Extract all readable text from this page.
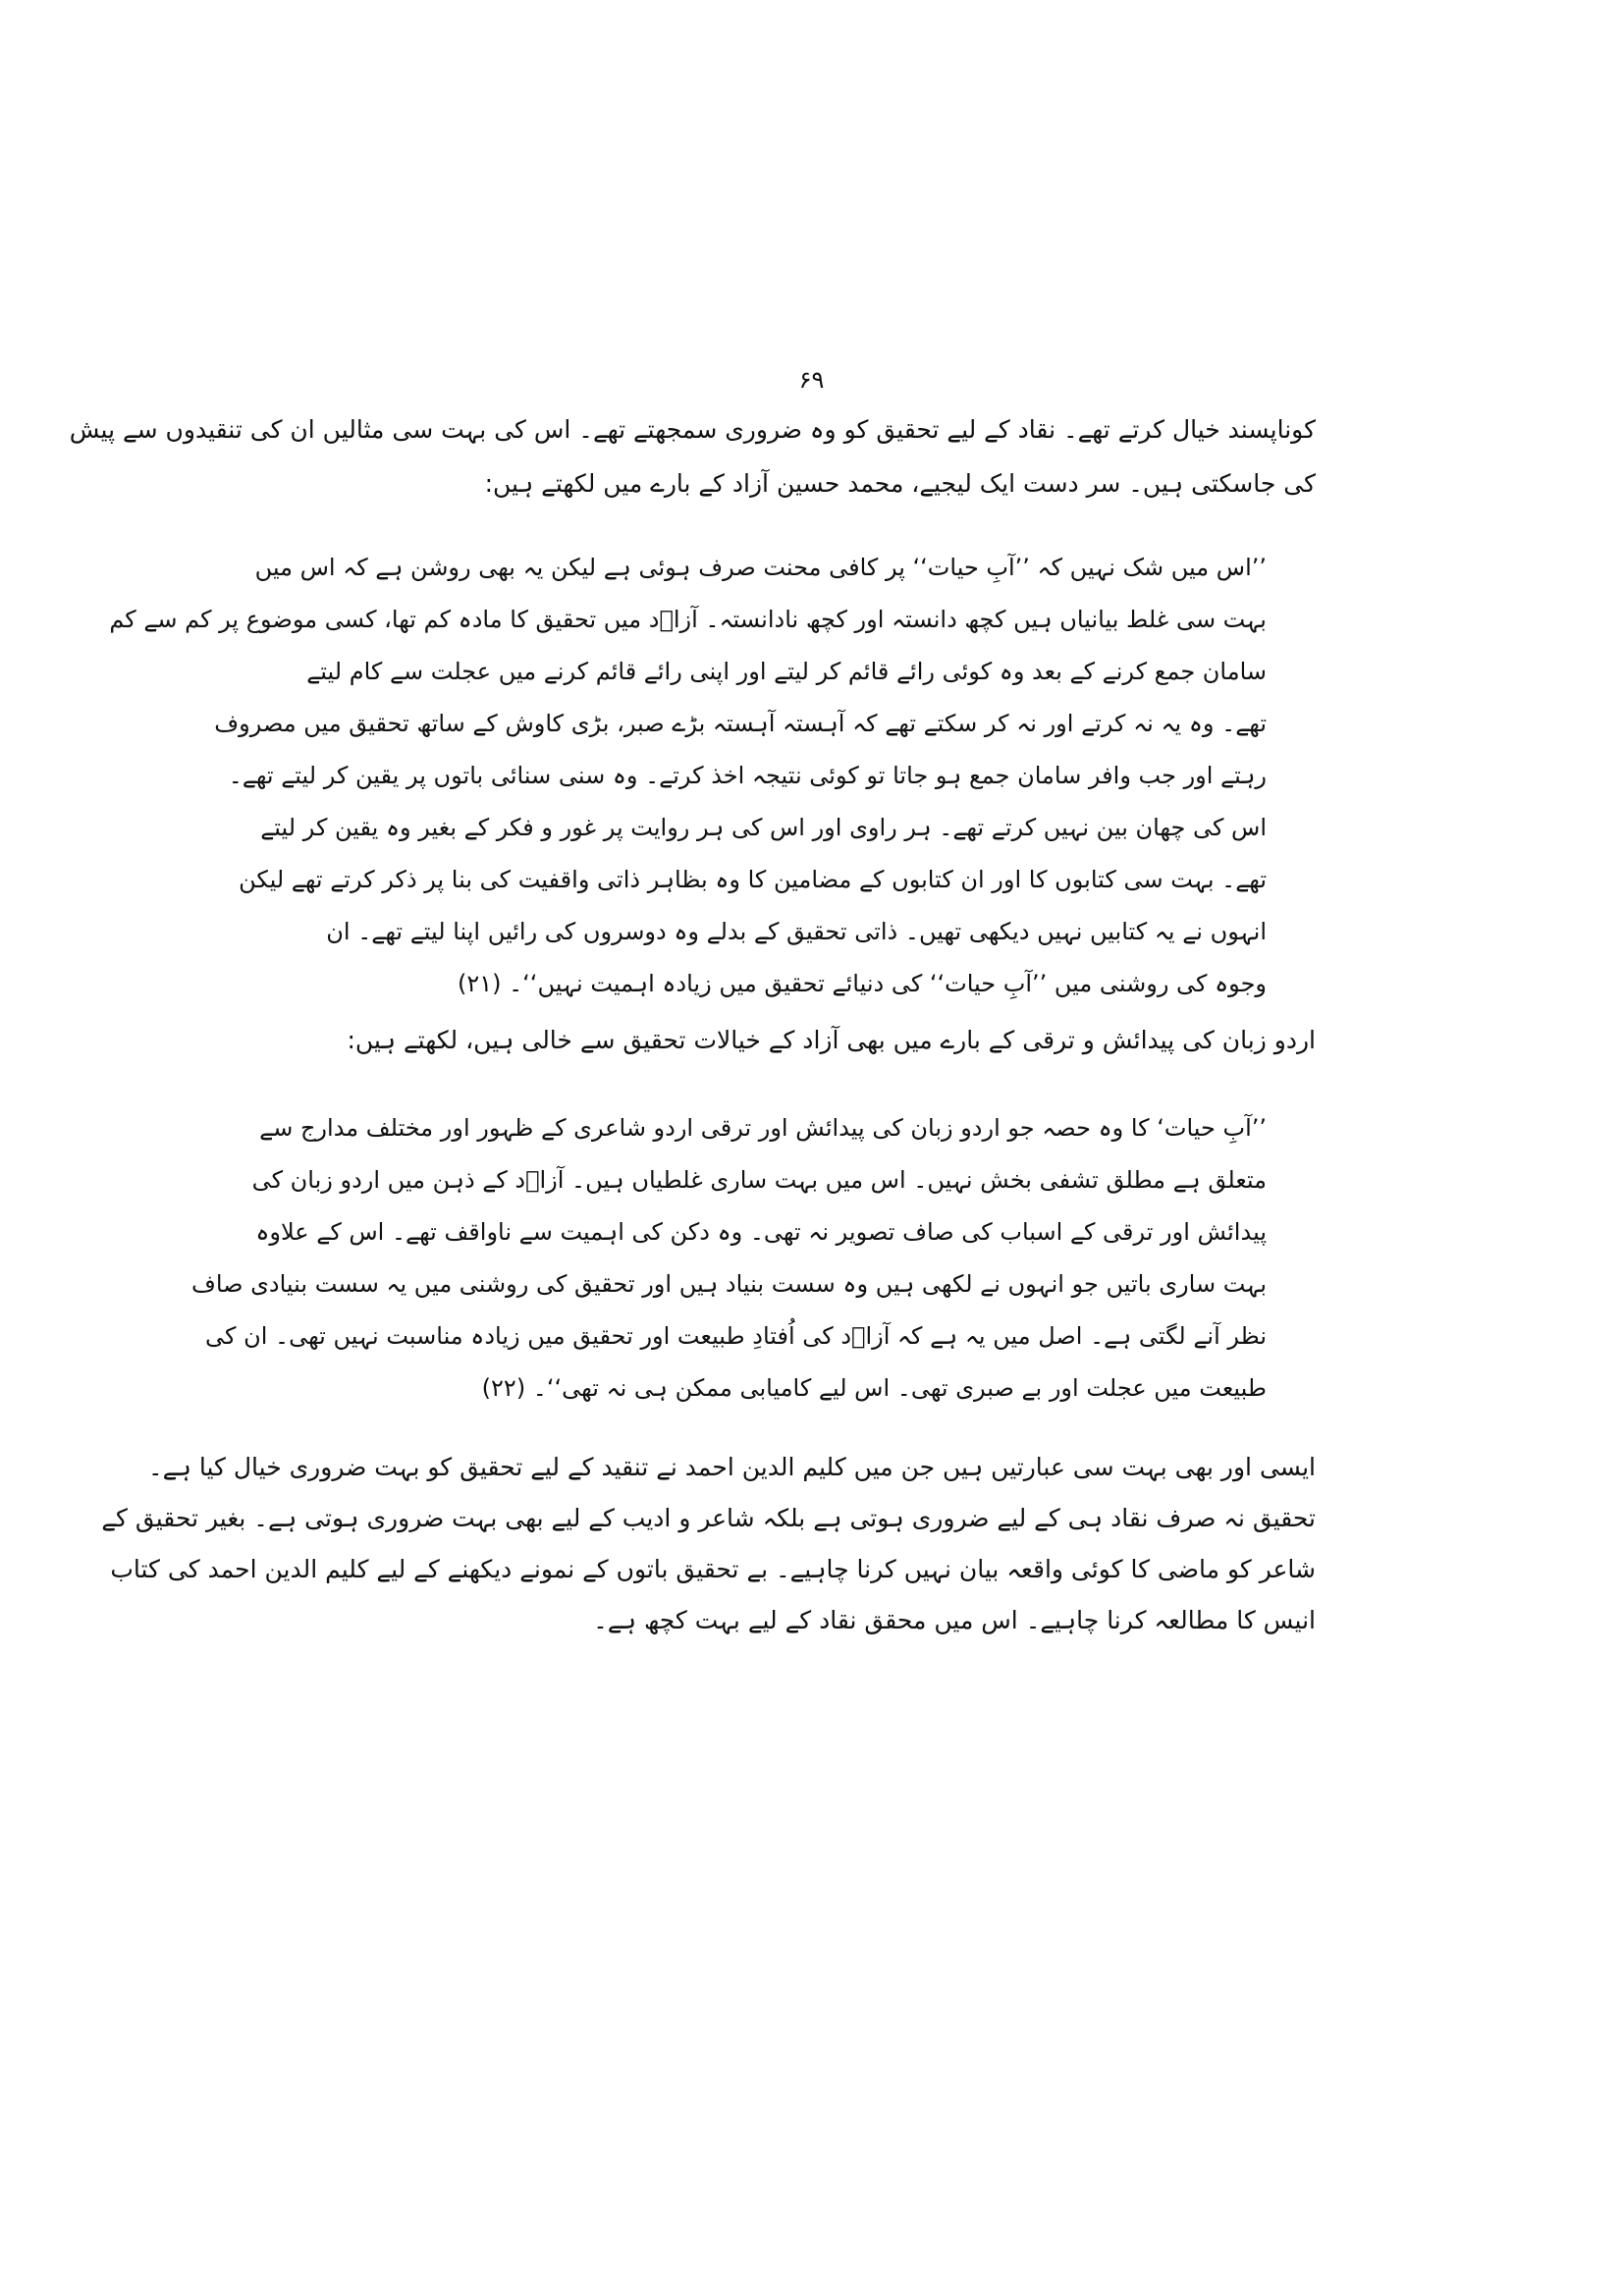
۶۹
کوناپسند خیال کرتے تھے۔ نقاد کے لیے تحقیق کو وہ ضروری سمجھتے تھے۔ اس کی بہت سی مثالیں ان کی تنقیدوں سے پیش
کی جاسکتی ہیں۔ سر دست ایک لیجیے، محمد حسین آزاد کے بارے میں لکھتے ہیں:
’’اس میں شک نہیں کہ ’’آبِ حیات‘‘ پر کافی محنت صرف ہوئی ہے لیکن یہ بھی روشن ہے کہ اس میں
بہت سی غلط بیانیاں ہیں کچھ دانستہ اور کچھ نادانستہ۔ آزاؔد میں تحقیق کا مادہ کم تھا، کسی موضوع پر کم سے کم
سامان جمع کرنے کے بعد وہ کوئی رائے قائم کر لیتے اور اپنی رائے قائم کرنے میں عجلت سے کام لیتے
تھے۔ وہ یہ نہ کرتے اور نہ کر سکتے تھے کہ آہستہ آہستہ بڑے صبر، بڑی کاوش کے ساتھ تحقیق میں مصروف
رہتے اور جب وافر سامان جمع ہو جاتا تو کوئی نتیجہ اخذ کرتے۔ وہ سنی سنائی باتوں پر یقین کر لیتے تھے۔
اس کی چھان بین نہیں کرتے تھے۔ ہر راوی اور اس کی ہر روایت پر غور و فکر کے بغیر وہ یقین کر لیتے
تھے۔ بہت سی کتابوں کا اور ان کتابوں کے مضامین کا وہ بظاہر ذاتی واقفیت کی بنا پر ذکر کرتے تھے لیکن
انہوں نے یہ کتابیں نہیں دیکھی تھیں۔ ذاتی تحقیق کے بدلے وہ دوسروں کی رائیں اپنا لیتے تھے۔ ان
وجوہ کی روشنی میں ’’آبِ حیات‘‘ کی دنیائے تحقیق میں زیادہ اہمیت نہیں‘‘۔ (۲۱)
اردو زبان کی پیدائش و ترقی کے بارے میں بھی آزاد کے خیالات تحقیق سے خالی ہیں، لکھتے ہیں:
’’آبِ حیات‘ کا وہ حصہ جو اردو زبان کی پیدائش اور ترقی اردو شاعری کے ظہور اور مختلف مدارج سے
متعلق ہے مطلق تشفی بخش نہیں۔ اس میں بہت ساری غلطیاں ہیں۔ آزاؔد کے ذہن میں اردو زبان کی
پیدائش اور ترقی کے اسباب کی صاف تصویر نہ تھی۔ وہ دکن کی اہمیت سے ناواقف تھے۔ اس کے علاوہ
بہت ساری باتیں جو انہوں نے لکھی ہیں وہ سست بنیاد ہیں اور تحقیق کی روشنی میں یہ سست بنیادی صاف
نظر آنے لگتی ہے۔ اصل میں یہ ہے کہ آزاؔد کی اُفتادِ طبیعت اور تحقیق میں زیادہ مناسبت نہیں تھی۔ ان کی
طبیعت میں عجلت اور بے صبری تھی۔ اس لیے کامیابی ممکن ہی نہ تھی‘‘۔ (۲۲)
ایسی اور بھی بہت سی عبارتیں ہیں جن میں کلیم الدین احمد نے تنقید کے لیے تحقیق کو بہت ضروری خیال کیا ہے۔
تحقیق نہ صرف نقاد ہی کے لیے ضروری ہوتی ہے بلکہ شاعر و ادیب کے لیے بھی بہت ضروری ہوتی ہے۔ بغیر تحقیق کے
شاعر کو ماضی کا کوئی واقعہ بیان نہیں کرنا چاہیے۔ بے تحقیق باتوں کے نمونے دیکھنے کے لیے کلیم الدین احمد کی کتاب
انیس کا مطالعہ کرنا چاہیے۔ اس میں محقق نقاد کے لیے بہت کچھ ہے۔
